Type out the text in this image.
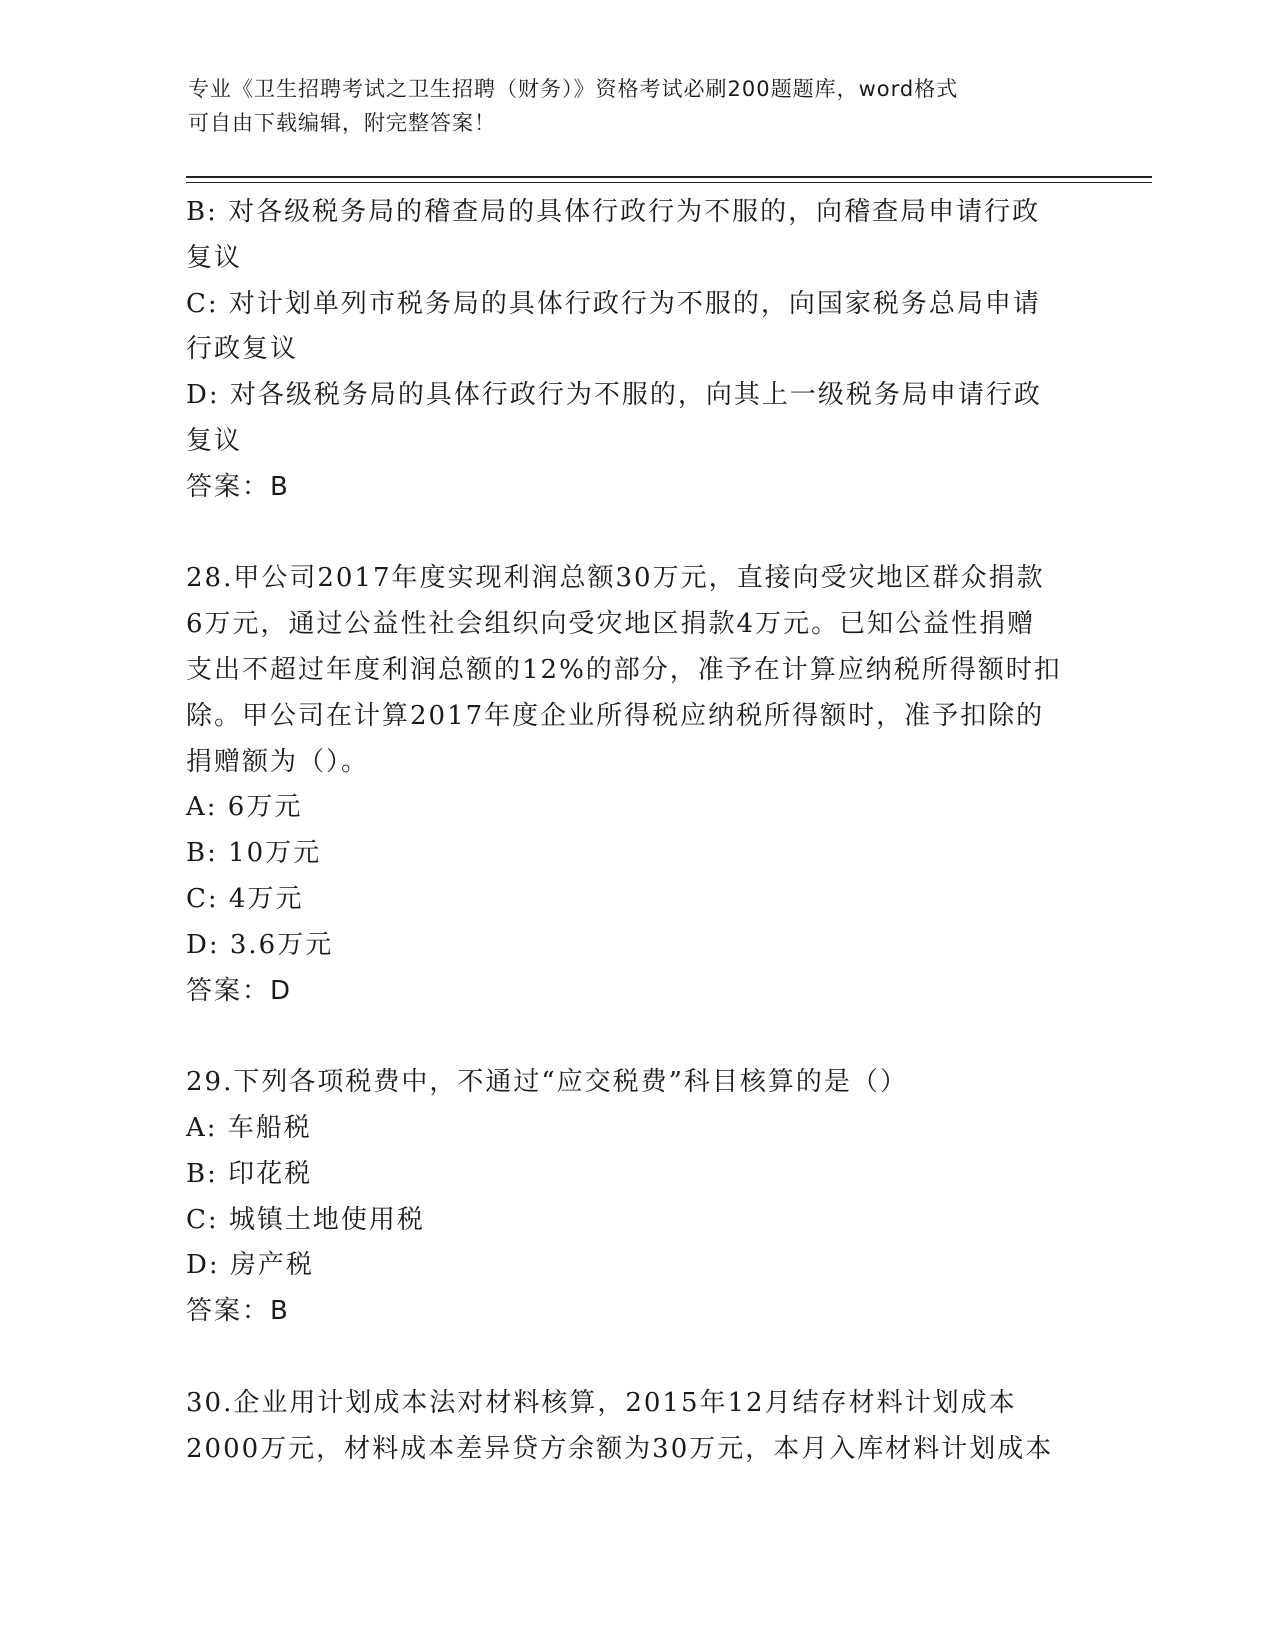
专业《卫生招聘考试之卫生招聘（财务）》资格考试必刷200题题库，word格式
可自由下载编辑，附完整答案！
B: 对各级税务局的稽查局的具体行政行为不服的，向稽查局申请行政
复议
C: 对计划单列市税务局的具体行政行为不服的，向国家税务总局申请
行政复议
D: 对各级税务局的具体行政行为不服的，向其上一级税务局申请行政
复议
答案：B
28.甲公司2017年度实现利润总额30万元，直接向受灾地区群众捐款
6万元，通过公益性社会组织向受灾地区捐款4万元。已知公益性捐赠
支出不超过年度利润总额的12%的部分，准予在计算应纳税所得额时扣
除。甲公司在计算2017年度企业所得税应纳税所得额时，准予扣除的
捐赠额为（）。
A: 6万元
B: 10万元
C: 4万元
D: 3.6万元
答案：D
29.下列各项税费中，不通过“应交税费”科目核算的是（）
A: 车船税
B: 印花税
C: 城镇土地使用税
D: 房产税
答案：B
30.企业用计划成本法对材料核算，2015年12月结存材料计划成本
2000万元，材料成本差异贷方余额为30万元，本月入库材料计划成本
